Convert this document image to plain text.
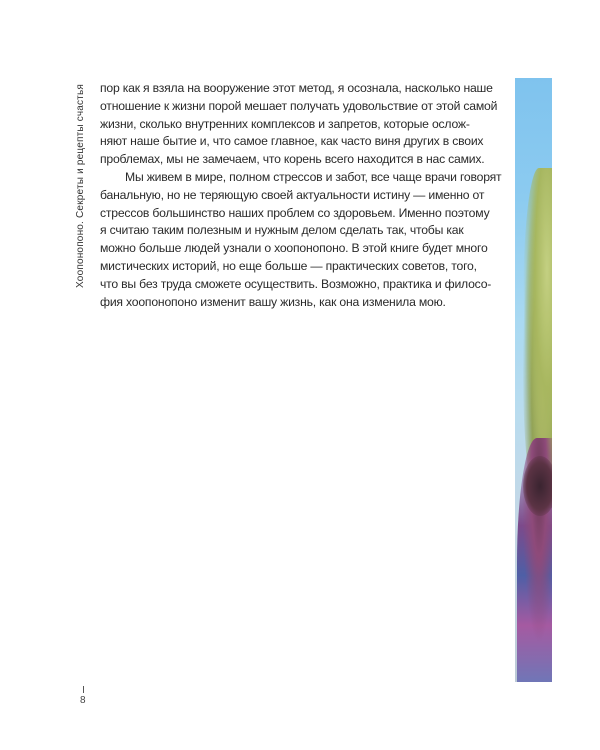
Хоопонопоно. Секреты и рецепты счастья пор как я взяла на вооружение этот метод, я осознала, насколько наше
отношение к жизни порой мешает получать удовольствие от этой самой
жизни, сколько внутренних комплексов и запретов, которые ослож-
няют наше бытие и, что самое главное, как часто виня других в своих
проблемах, мы не замечаем, что корень всего находится в нас самих.
Мы живем в мире, полном стрессов и забот, все чаще врачи говорят
банальную, но не теряющую своей актуальности истину — именно от
стрессов большинство наших проблем со здоровьем. Именно поэтому
я считаю таким полезным и нужным делом сделать так, чтобы как
можно больше людей узнали о хоопонопоно. В этой книге будет много
мистических историй, но еще больше — практических советов, того,
что вы без труда сможете осуществить. Возможно, практика и филосо-
фия хоопонопоно изменит вашу жизнь, как она изменила мою.
8
